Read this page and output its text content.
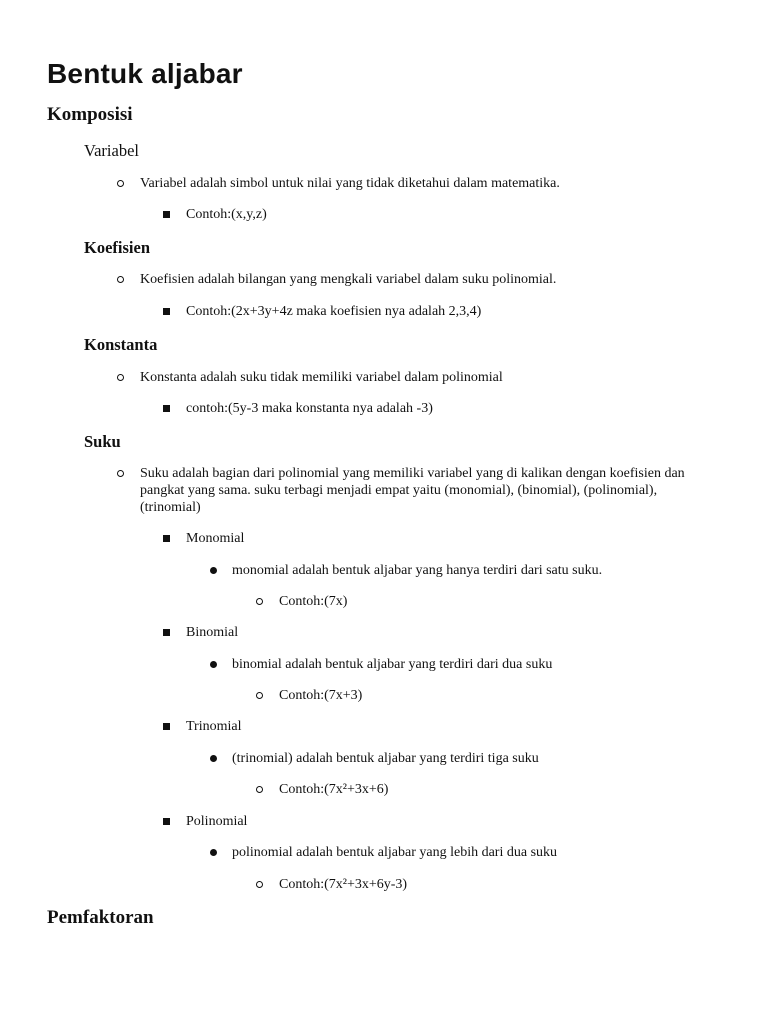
Bentuk aljabar
Komposisi
Variabel
Variabel adalah simbol untuk nilai yang tidak diketahui dalam matematika.
Contoh:(x,y,z)
Koefisien
Koefisien adalah bilangan yang mengkali variabel dalam suku polinomial.
Contoh:(2x+3y+4z maka koefisien nya adalah 2,3,4)
Konstanta
Konstanta adalah suku tidak memiliki variabel dalam polinomial
contoh:(5y-3 maka konstanta nya adalah -3)
Suku
Suku adalah bagian dari polinomial yang memiliki variabel yang di kalikan dengan koefisien dan pangkat yang sama. suku terbagi menjadi empat yaitu (monomial), (binomial), (polinomial), (trinomial)
Monomial
monomial adalah bentuk aljabar yang hanya terdiri dari satu suku.
Contoh:(7x)
Binomial
binomial adalah bentuk aljabar yang terdiri dari dua suku
Contoh:(7x+3)
Trinomial
(trinomial) adalah bentuk aljabar yang terdiri tiga suku
Contoh:(7x²+3x+6)
Polinomial
polinomial adalah bentuk aljabar yang lebih dari dua suku
Contoh:(7x²+3x+6y-3)
Pemfaktoran
